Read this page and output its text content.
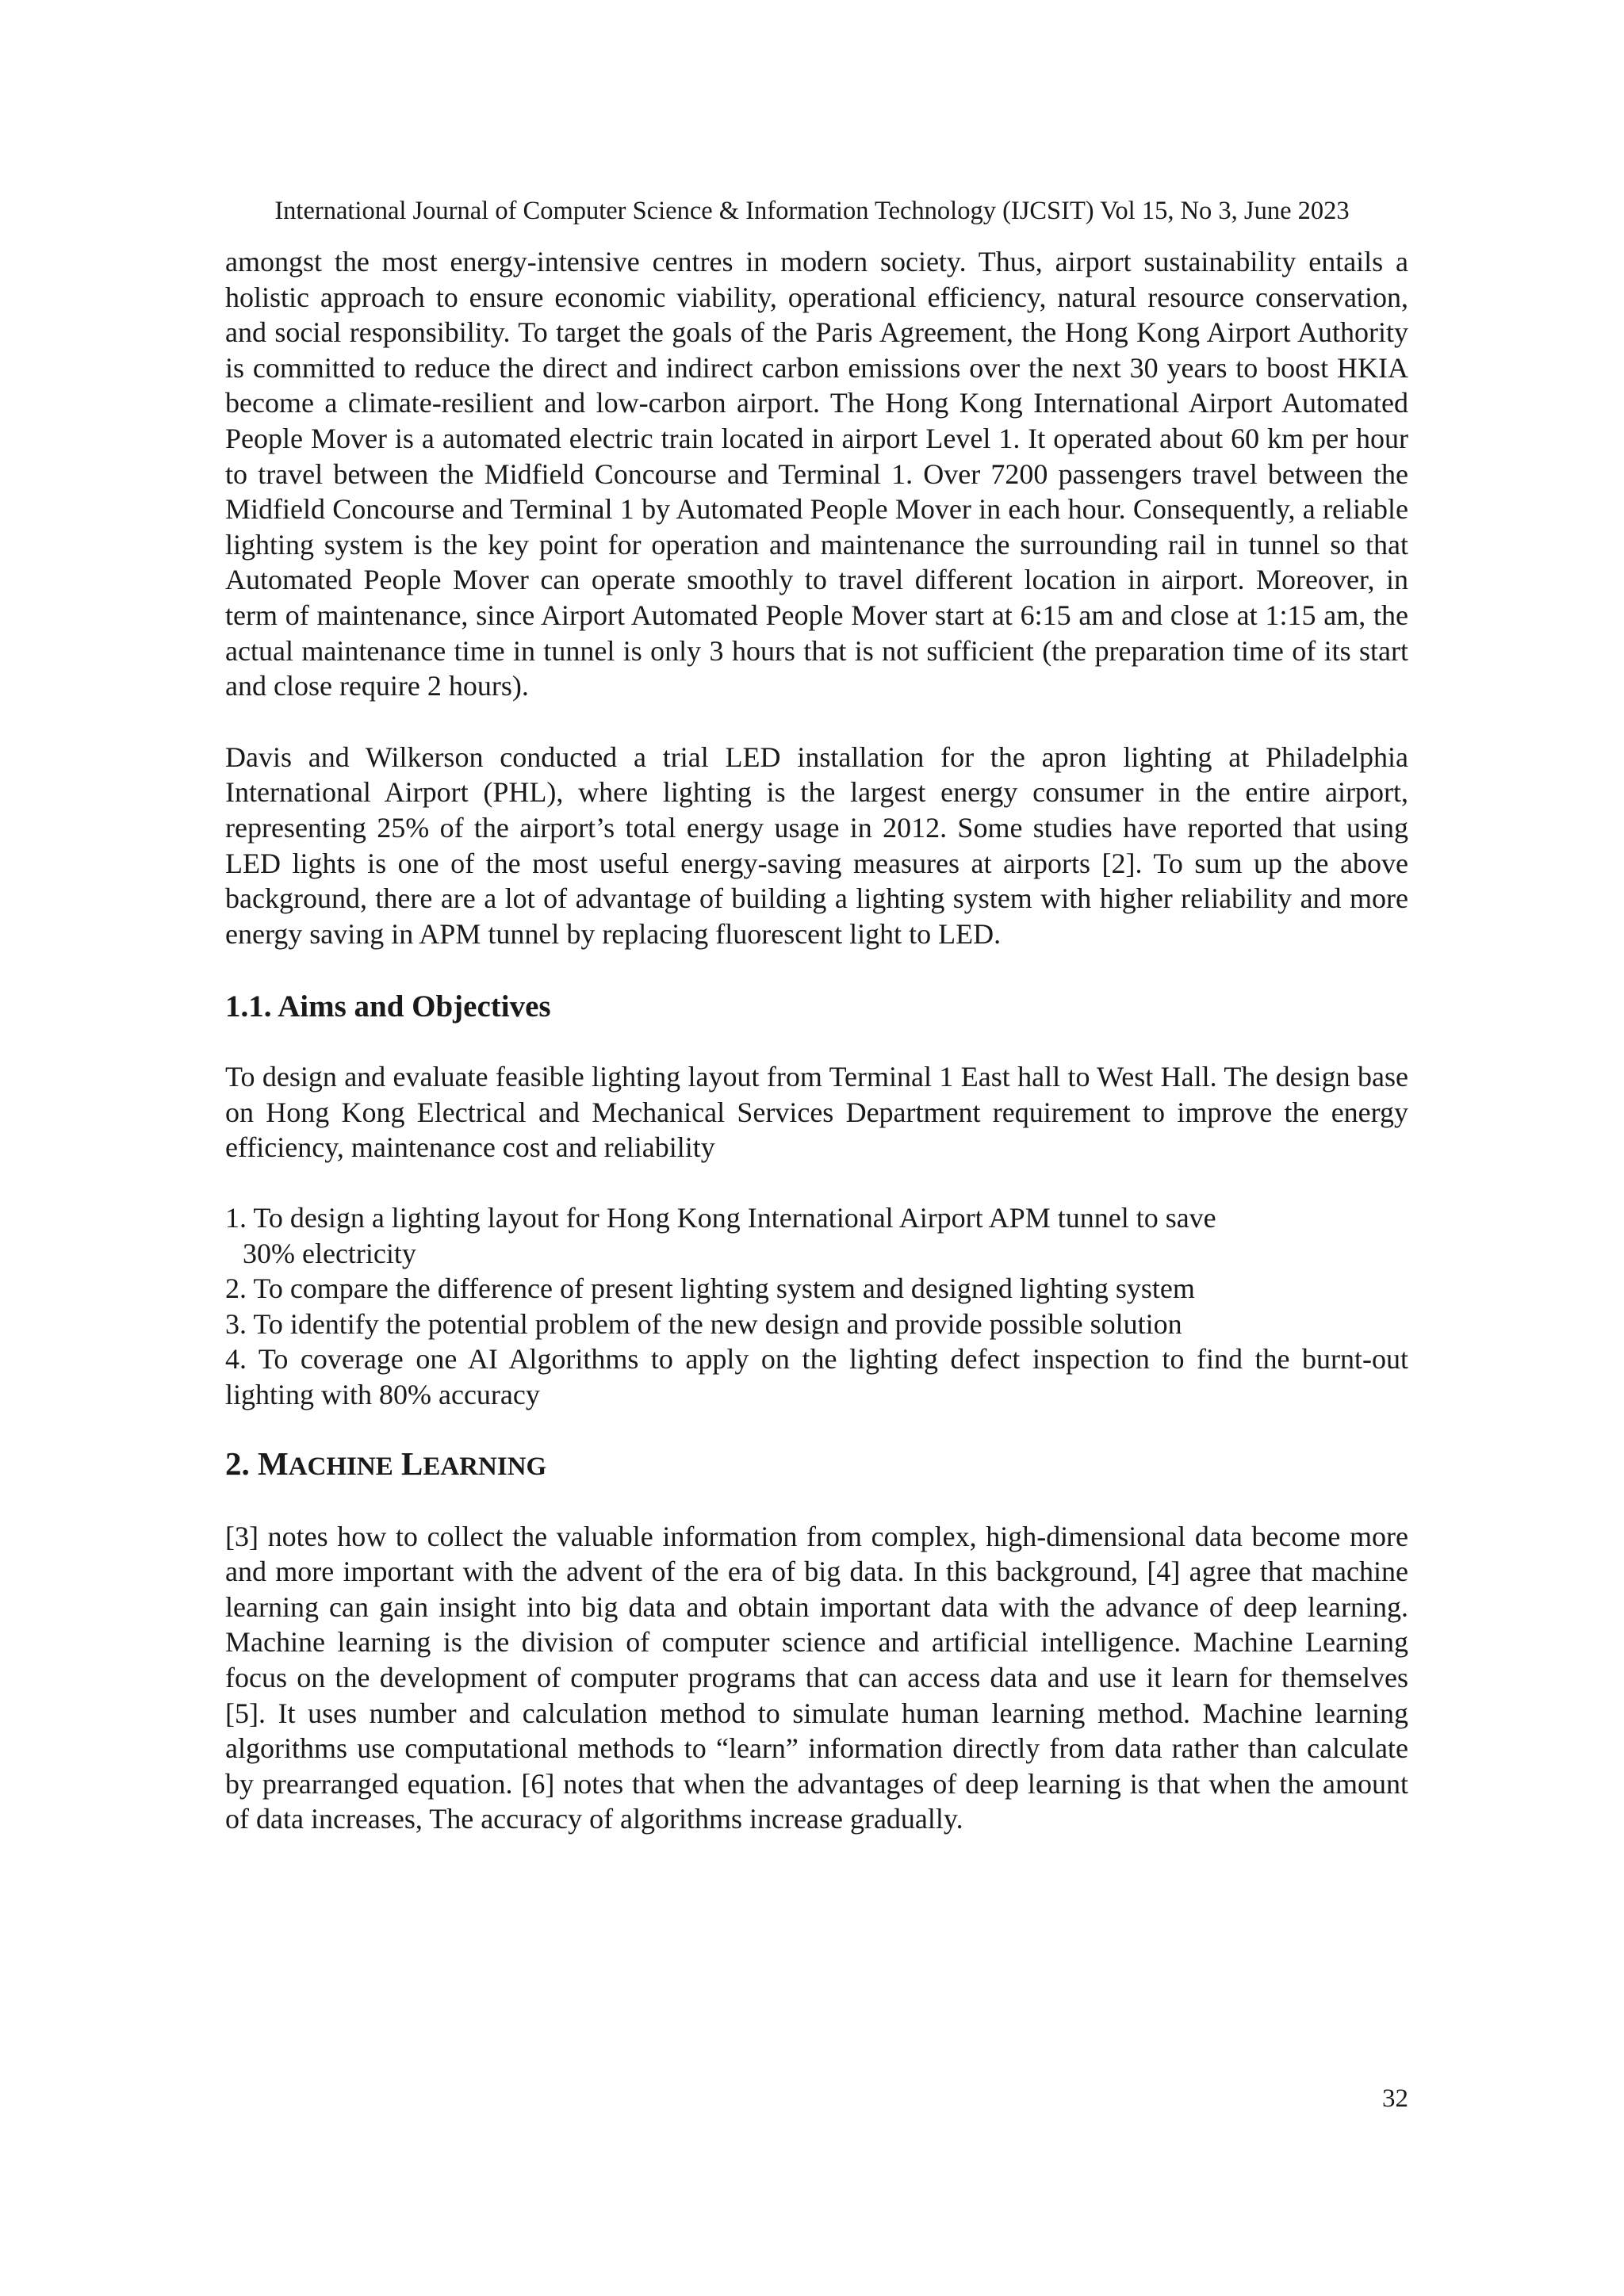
International Journal of Computer Science & Information Technology (IJCSIT) Vol 15, No 3, June 2023

amongst the most energy-intensive centres in modern society. Thus, airport sustainability entails a holistic approach to ensure economic viability, operational efficiency, natural resource conservation, and social responsibility. To target the goals of the Paris Agreement, the Hong Kong Airport Authority is committed to reduce the direct and indirect carbon emissions over the next 30 years to boost HKIA become a climate-resilient and low-carbon airport. The Hong Kong International Airport Automated People Mover is a automated electric train located in airport Level 1. It operated about 60 km per hour to travel between the Midfield Concourse and Terminal 1. Over 7200 passengers travel between the Midfield Concourse and Terminal 1 by Automated People Mover in each hour. Consequently, a reliable lighting system is the key point for operation and maintenance the surrounding rail in tunnel so that Automated People Mover can operate smoothly to travel different location in airport. Moreover, in term of maintenance, since Airport Automated People Mover start at 6:15 am and close at 1:15 am, the actual maintenance time in tunnel is only 3 hours that is not sufficient (the preparation time of its start and close require 2 hours).

Davis and Wilkerson conducted a trial LED installation for the apron lighting at Philadelphia International Airport (PHL), where lighting is the largest energy consumer in the entire airport, representing 25% of the airport’s total energy usage in 2012. Some studies have reported that using LED lights is one of the most useful energy-saving measures at airports [2]. To sum up the above background, there are a lot of advantage of building a lighting system with higher reliability and more energy saving in APM tunnel by replacing fluorescent light to LED.

1.1. Aims and Objectives

To design and evaluate feasible lighting layout from Terminal 1 East hall to West Hall. The design base on Hong Kong Electrical and Mechanical Services Department requirement to improve the energy efficiency, maintenance cost and reliability

1. To design a lighting layout for Hong Kong International Airport APM tunnel to save
30% electricity
2. To compare the difference of present lighting system and designed lighting system
3. To identify the potential problem of the new design and provide possible solution
4. To coverage one AI Algorithms to apply on the lighting defect inspection to find the burnt-out lighting with 80% accuracy
2. MACHINE LEARNING

[3] notes how to collect the valuable information from complex, high-dimensional data become more and more important with the advent of the era of big data. In this background, [4] agree that machine learning can gain insight into big data and obtain important data with the advance of deep learning. Machine learning is the division of computer science and artificial intelligence. Machine Learning focus on the development of computer programs that can access data and use it learn for themselves [5]. It uses number and calculation method to simulate human learning method. Machine learning algorithms use computational methods to “learn” information directly from data rather than calculate by prearranged equation. [6] notes that when the advantages of deep learning is that when the amount of data increases, The accuracy of algorithms increase gradually.

32
